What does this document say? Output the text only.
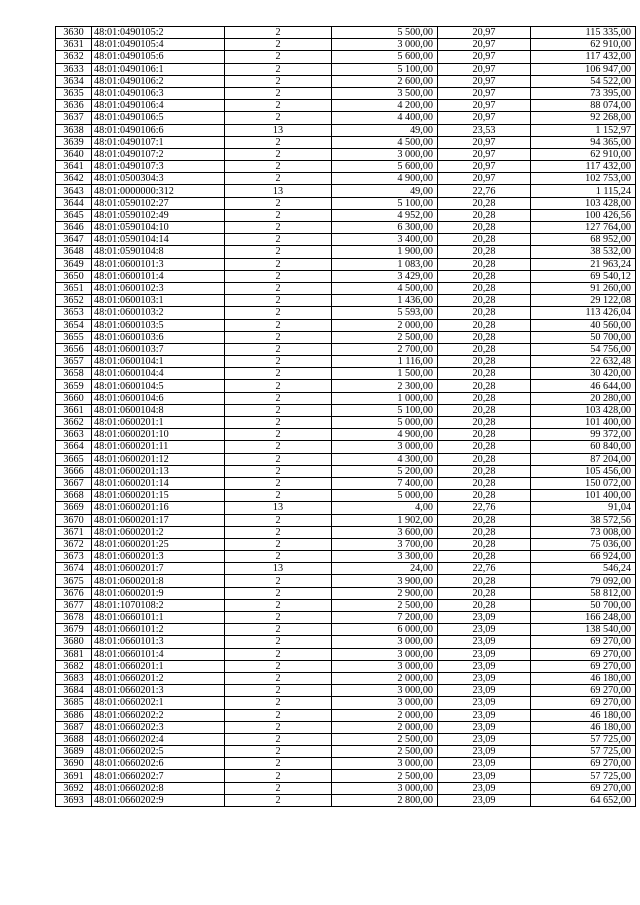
3630	48:01:0490105:2	2	5 500,00	20,97	115 335,00
3631	48:01:0490105:4	2	3 000,00	20,97	62 910,00
3632	48:01:0490105:6	2	5 600,00	20,97	117 432,00
3633	48:01:0490106:1	2	5 100,00	20,97	106 947,00
3634	48:01:0490106:2	2	2 600,00	20,97	54 522,00
3635	48:01:0490106:3	2	3 500,00	20,97	73 395,00
3636	48:01:0490106:4	2	4 200,00	20,97	88 074,00
3637	48:01:0490106:5	2	4 400,00	20,97	92 268,00
3638	48:01:0490106:6	13	49,00	23,53	1 152,97
3639	48:01:0490107:1	2	4 500,00	20,97	94 365,00
3640	48:01:0490107:2	2	3 000,00	20,97	62 910,00
3641	48:01:0490107:3	2	5 600,00	20,97	117 432,00
3642	48:01:0500304:3	2	4 900,00	20,97	102 753,00
3643	48:01:0000000:312	13	49,00	22,76	1 115,24
3644	48:01:0590102:27	2	5 100,00	20,28	103 428,00
3645	48:01:0590102:49	2	4 952,00	20,28	100 426,56
3646	48:01:0590104:10	2	6 300,00	20,28	127 764,00
3647	48:01:0590104:14	2	3 400,00	20,28	68 952,00
3648	48:01:0590104:8	2	1 900,00	20,28	38 532,00
3649	48:01:0600101:3	2	1 083,00	20,28	21 963,24
3650	48:01:0600101:4	2	3 429,00	20,28	69 540,12
3651	48:01:0600102:3	2	4 500,00	20,28	91 260,00
3652	48:01:0600103:1	2	1 436,00	20,28	29 122,08
3653	48:01:0600103:2	2	5 593,00	20,28	113 426,04
3654	48:01:0600103:5	2	2 000,00	20,28	40 560,00
3655	48:01:0600103:6	2	2 500,00	20,28	50 700,00
3656	48:01:0600103:7	2	2 700,00	20,28	54 756,00
3657	48:01:0600104:1	2	1 116,00	20,28	22 632,48
3658	48:01:0600104:4	2	1 500,00	20,28	30 420,00
3659	48:01:0600104:5	2	2 300,00	20,28	46 644,00
3660	48:01:0600104:6	2	1 000,00	20,28	20 280,00
3661	48:01:0600104:8	2	5 100,00	20,28	103 428,00
3662	48:01:0600201:1	2	5 000,00	20,28	101 400,00
3663	48:01:0600201:10	2	4 900,00	20,28	99 372,00
3664	48:01:0600201:11	2	3 000,00	20,28	60 840,00
3665	48:01:0600201:12	2	4 300,00	20,28	87 204,00
3666	48:01:0600201:13	2	5 200,00	20,28	105 456,00
3667	48:01:0600201:14	2	7 400,00	20,28	150 072,00
3668	48:01:0600201:15	2	5 000,00	20,28	101 400,00
3669	48:01:0600201:16	13	4,00	22,76	91,04
3670	48:01:0600201:17	2	1 902,00	20,28	38 572,56
3671	48:01:0600201:2	2	3 600,00	20,28	73 008,00
3672	48:01:0600201:25	2	3 700,00	20,28	75 036,00
3673	48:01:0600201:3	2	3 300,00	20,28	66 924,00
3674	48:01:0600201:7	13	24,00	22,76	546,24
3675	48:01:0600201:8	2	3 900,00	20,28	79 092,00
3676	48:01:0600201:9	2	2 900,00	20,28	58 812,00
3677	48:01:1070108:2	2	2 500,00	20,28	50 700,00
3678	48:01:0660101:1	2	7 200,00	23,09	166 248,00
3679	48:01:0660101:2	2	6 000,00	23,09	138 540,00
3680	48:01:0660101:3	2	3 000,00	23,09	69 270,00
3681	48:01:0660101:4	2	3 000,00	23,09	69 270,00
3682	48:01:0660201:1	2	3 000,00	23,09	69 270,00
3683	48:01:0660201:2	2	2 000,00	23,09	46 180,00
3684	48:01:0660201:3	2	3 000,00	23,09	69 270,00
3685	48:01:0660202:1	2	3 000,00	23,09	69 270,00
3686	48:01:0660202:2	2	2 000,00	23,09	46 180,00
3687	48:01:0660202:3	2	2 000,00	23,09	46 180,00
3688	48:01:0660202:4	2	2 500,00	23,09	57 725,00
3689	48:01:0660202:5	2	2 500,00	23,09	57 725,00
3690	48:01:0660202:6	2	3 000,00	23,09	69 270,00
3691	48:01:0660202:7	2	2 500,00	23,09	57 725,00
3692	48:01:0660202:8	2	3 000,00	23,09	69 270,00
3693	48:01:0660202:9	2	2 800,00	23,09	64 652,00
